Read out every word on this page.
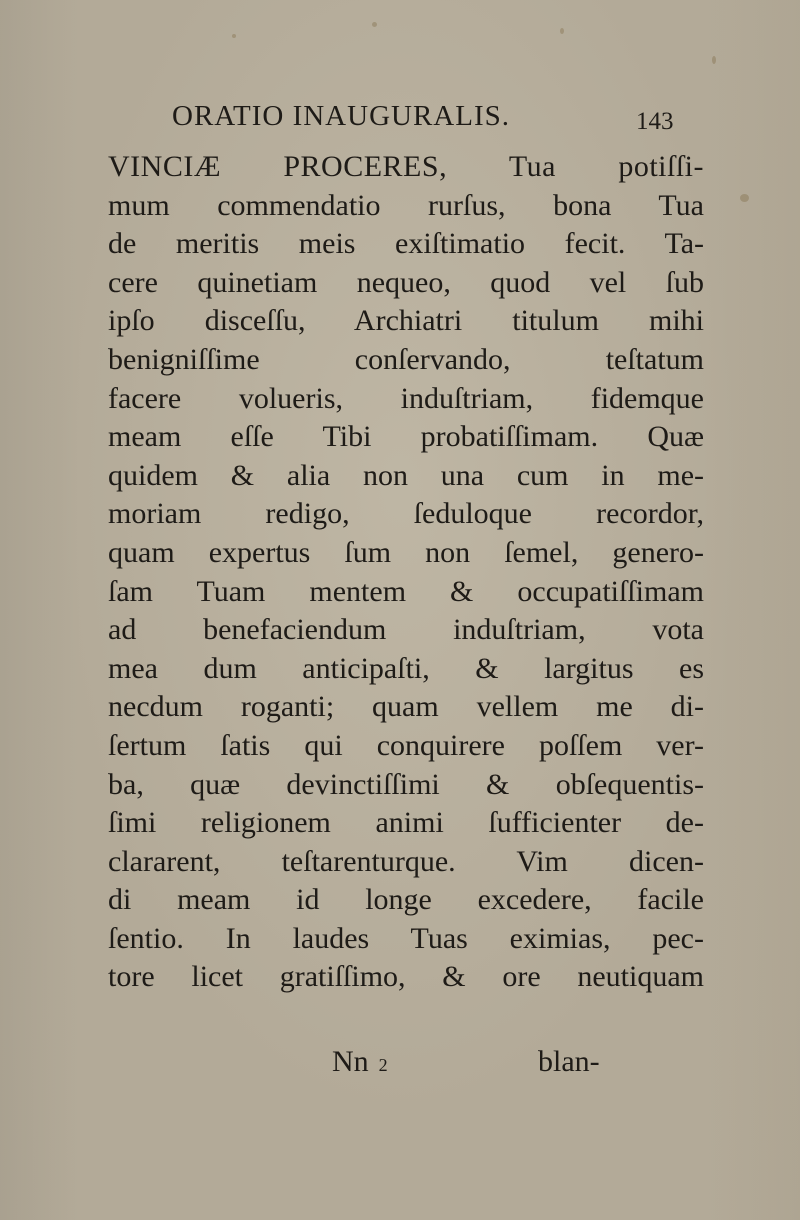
ORATIO INAUGURALIS.	143
VINCIÆ PROCERES, Tua potiſſi-
mum commendatio rurſus, bona Tua
de meritis meis exiſtimatio fecit. Ta-
cere quinetiam nequeo, quod vel ſub
ipſo disceſſu, Archiatri titulum mihi
benigniſſime conſervando, teſtatum
facere volueris, induſtriam, fidemque
meam eſſe Tibi probatiſſimam. Quæ
quidem & alia non una cum in me-
moriam redigo, ſeduloque recordor,
quam expertus ſum non ſemel, genero-
ſam Tuam mentem & occupatiſſimam
ad benefaciendum induſtriam, vota
mea dum anticipaſti, & largitus es
necdum roganti; quam vellem me di-
ſertum ſatis qui conquirere poſſem ver-
ba, quæ devinctiſſimi & obſequentis-
ſimi religionem animi ſufficienter de-
clararent, teſtarenturque. Vim dicen-
di meam id longe excedere, facile
ſentio. In laudes Tuas eximias, pec-
tore licet gratiſſimo, & ore neutiquam
Nn 2	blan-
